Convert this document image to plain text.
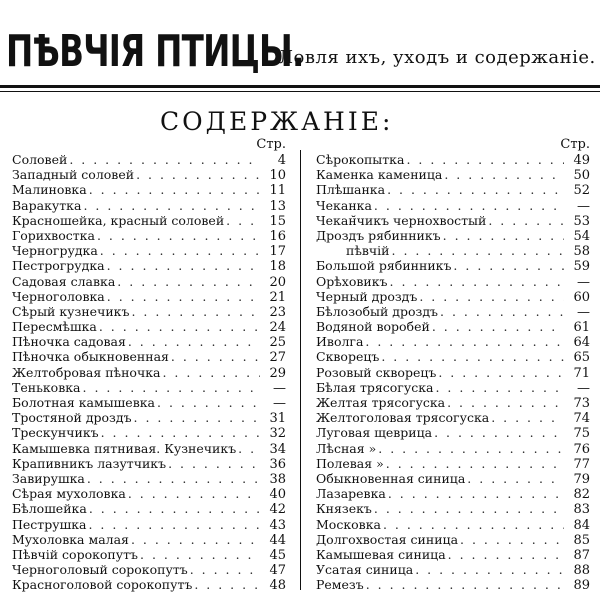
ПѢВЧІЯ ПТИЦЫ.
Ловля ихъ, уходъ и содержаніе.
СОДЕРЖАНІЕ:
Стр.
Соловей . . .	4
Западный соловей . . .	10
Малиновка . . .	11
Варакутка . . .	13
Красношейка, красный соловей . . .	15
Горихвостка . . .	16
Черногрудка . . .	17
Пестрогрудка . . .	18
Садовая славка . . .	20
Черноголовка . . .	21
Сѣрый кузнечикъ . . .	23
Пересмѣшка . . .	24
Пѣночка садовая . . .	25
Пѣночка обыкновенная . . .	27
Желтобровая пѣночка . . .	29
Теньковка . . .	—
Болотная камышевка . . .	—
Тростяной дроздъ . . .	31
Трескунчикъ . . .	32
Камышевка пятнивая. Кузнечикъ . . .	34
Крапивникъ лазутчикъ . . .	36
Завирушка . . .	38
Сѣрая мухоловка . . .	40
Бѣлошейка . . .	42
Пеструшка . . .	43
Мухоловка малая . . .	44
Пѣвчій сорокопутъ . . .	45
Черноголовый сорокопутъ . . .	47
Красноголовой сорокопутъ . . .	48
Стр.
Сѣрокопытка . . .	49
Каменка каменица . . .	50
Плѣшанка . . .	52
Чеканка . . .	—
Чекан̆чикъ черноxвостый . . .	53
Дроздъ рябинникъ . . .	54
пѣвчій . . .	58
Большой рябинникъ . . .	59
Орѣховикъ . . .	—
Черный дроздъ . . .	60
Бѣлозобый дроздъ . . .	—
Водяной воробей . . .	61
Иволга . . .	64
Скворецъ . . .	65
Розовый скворецъ . . .	71
Бѣлая трясогуска . . .	—
Желтая трясогуска . . .	73
Желтоголовая трясогуска . . .	74
Луговая щеврица . . .	75
Лѣсная » . . .	76
Полевая » . . .	77
Обыкновенная синица . . .	79
Лазаревка . . .	82
Князекъ . . .	83
Московка . . .	84
Долгохвостая синица . . .	85
Камышевая синица . . .	87
Усатая синица . . .	88
Ремезъ . . .	89
